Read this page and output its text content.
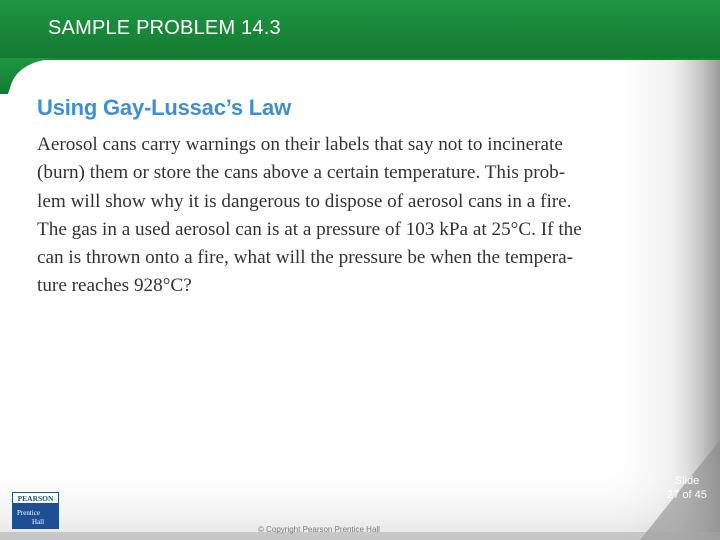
SAMPLE PROBLEM 14.3
Using Gay-Lussac’s Law
Aerosol cans carry warnings on their labels that say not to incinerate
(burn) them or store the cans above a certain temperature. This prob-
lem will show why it is dangerous to dispose of aerosol cans in a fire.
The gas in a used aerosol can is at a pressure of 103 kPa at 25°C. If the
can is thrown onto a fire, what will the pressure be when the tempera-
ture reaches 928°C?
Slide
27 of 45
PEARSON
Prentice
Hall
© Copyright Pearson Prentice Hall
